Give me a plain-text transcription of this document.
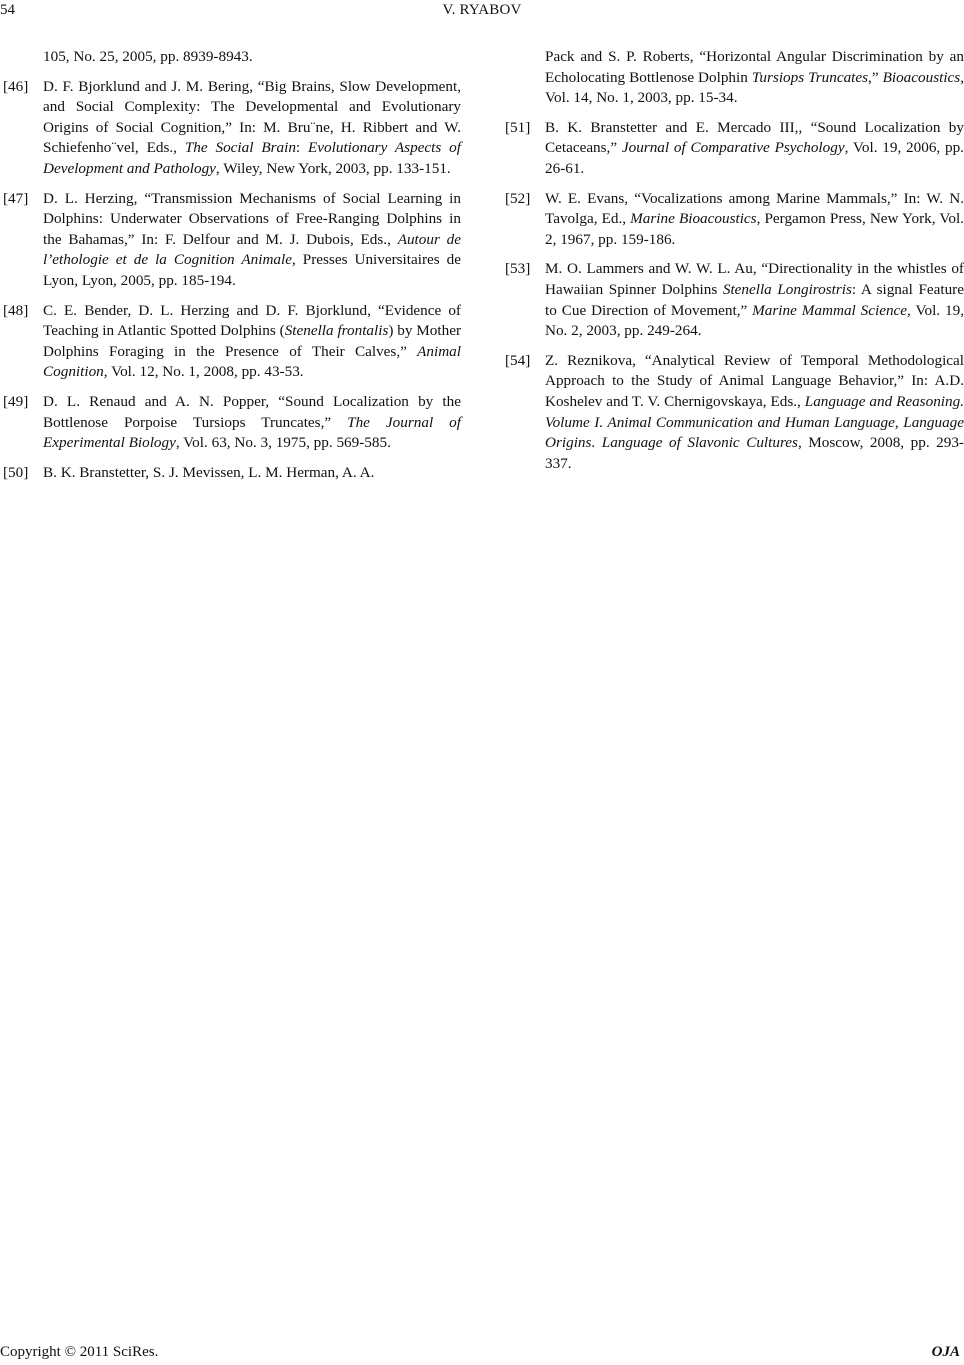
54	V. RYABOV
105, No. 25, 2005, pp. 8939-8943.
[46] D. F. Bjorklund and J. M. Bering, “Big Brains, Slow Development, and Social Complexity: The Developmental and Evolutionary Origins of Social Cognition,” In: M. Bru¨ne, H. Ribbert and W. Schiefenho¨vel, Eds., The Social Brain: Evolutionary Aspects of Development and Pathology, Wiley, New York, 2003, pp. 133-151.
[47] D. L. Herzing, “Transmission Mechanisms of Social Learning in Dolphins: Underwater Observations of Free-Ranging Dolphins in the Bahamas,” In: F. Delfour and M. J. Dubois, Eds., Autour de l’ethologie et de la Cognition Animale, Presses Universitaires de Lyon, Lyon, 2005, pp. 185-194.
[48] C. E. Bender, D. L. Herzing and D. F. Bjorklund, “Evidence of Teaching in Atlantic Spotted Dolphins (Stenella frontalis) by Mother Dolphins Foraging in the Presence of Their Calves,” Animal Cognition, Vol. 12, No. 1, 2008, pp. 43-53.
[49] D. L. Renaud and A. N. Popper, “Sound Localization by the Bottlenose Porpoise Tursiops Truncates,” The Journal of Experimental Biology, Vol. 63, No. 3, 1975, pp. 569-585.
[50] B. K. Branstetter, S. J. Mevissen, L. M. Herman, A. A.
Pack and S. P. Roberts, “Horizontal Angular Discrimination by an Echolocating Bottlenose Dolphin Tursiops Truncates,” Bioacoustics, Vol. 14, No. 1, 2003, pp. 15-34.
[51] B. K. Branstetter and E. Mercado III,, “Sound Localization by Cetaceans,” Journal of Comparative Psychology, Vol. 19, 2006, pp. 26-61.
[52] W. E. Evans, “Vocalizations among Marine Mammals,” In: W. N. Tavolga, Ed., Marine Bioacoustics, Pergamon Press, New York, Vol. 2, 1967, pp. 159-186.
[53] M. O. Lammers and W. W. L. Au, “Directionality in the whistles of Hawaiian Spinner Dolphins Stenella Longirostris: A signal Feature to Cue Direction of Movement,” Marine Mammal Science, Vol. 19, No. 2, 2003, pp. 249-264.
[54] Z. Reznikova, “Analytical Review of Temporal Methodological Approach to the Study of Animal Language Behavior,” In: A.D. Koshelev and T. V. Chernigovskaya, Eds., Language and Reasoning. Volume I. Animal Communication and Human Language, Language Origins. Language of Slavonic Cultures, Moscow, 2008, pp. 293-337.
Copyright © 2011 SciRes.	OJA
